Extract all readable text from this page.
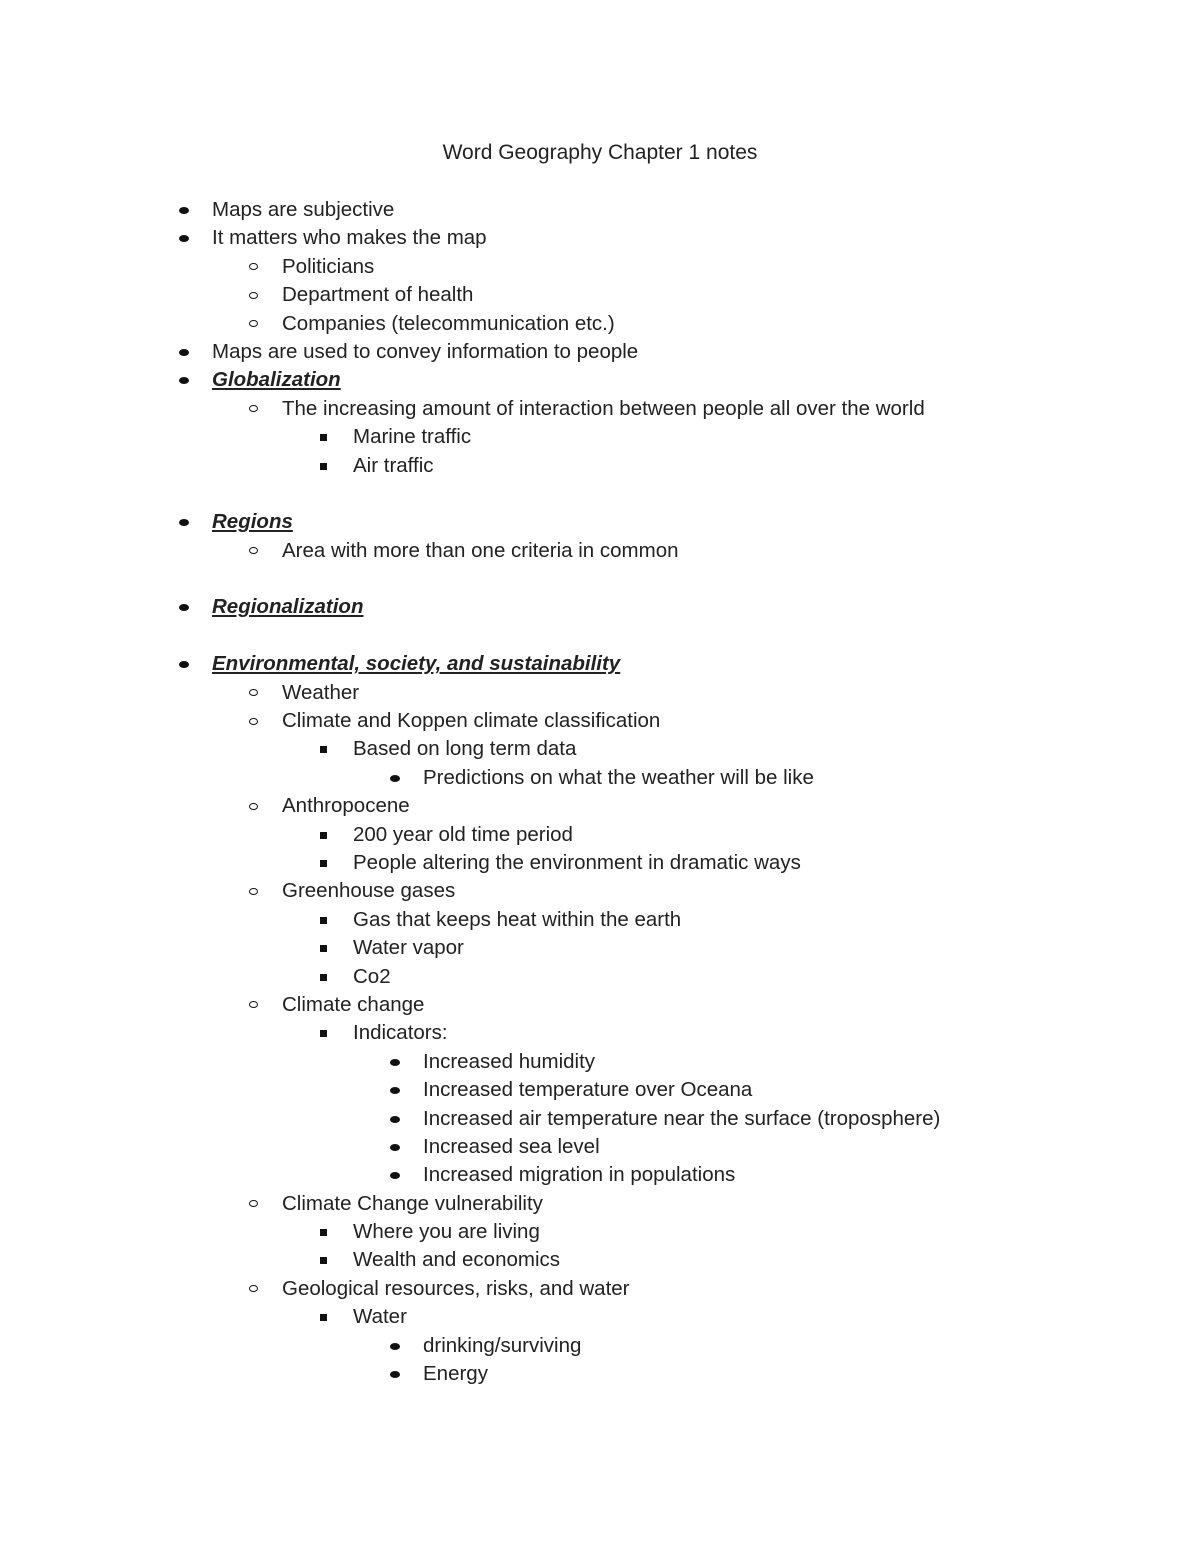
Word Geography Chapter 1 notes
Maps are subjective
It matters who makes the map
Politicians
Department of health
Companies (telecommunication etc.)
Maps are used to convey information to people
Globalization
The increasing amount of interaction between people all over the world
Marine traffic
Air traffic
Regions
Area with more than one criteria in common
Regionalization
Environmental, society, and sustainability
Weather
Climate and Koppen climate classification
Based on long term data
Predictions on what the weather will be like
Anthropocene
200 year old time period
People altering the environment in dramatic ways
Greenhouse gases
Gas that keeps heat within the earth
Water vapor
Co2
Climate change
Indicators:
Increased humidity
Increased temperature over Oceana
Increased air temperature near the surface (troposphere)
Increased sea level
Increased migration in populations
Climate Change vulnerability
Where you are living
Wealth and economics
Geological resources, risks, and water
Water
drinking/surviving
Energy
